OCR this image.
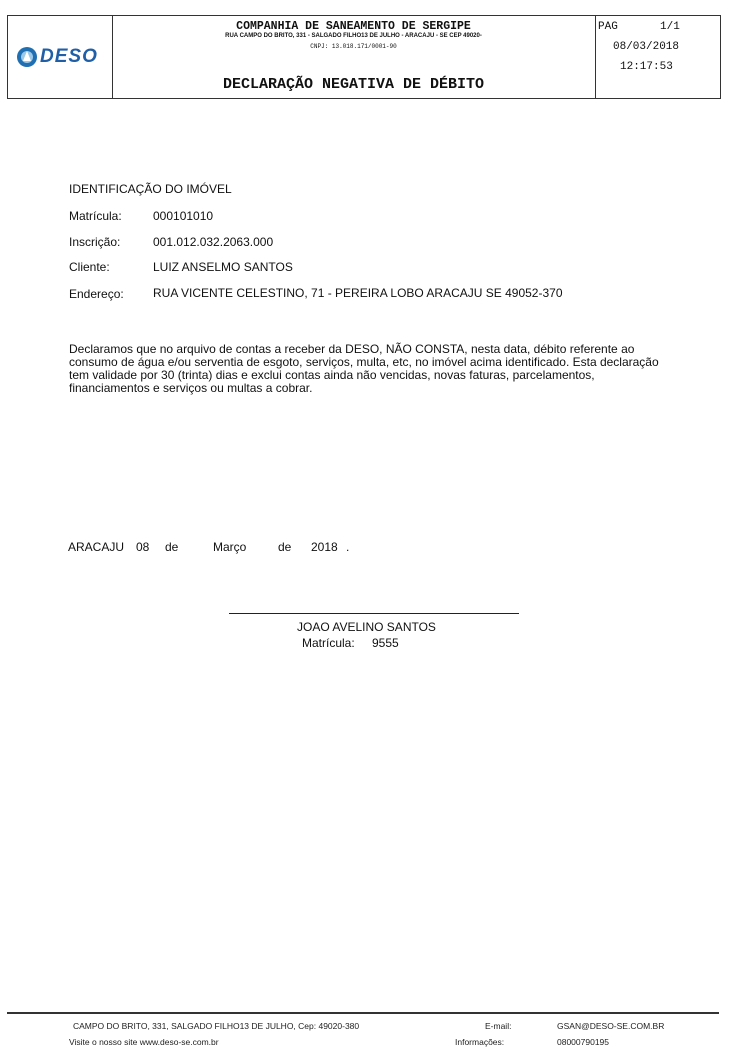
DESO
COMPANHIA DE SANEAMENTO DE SERGIPE
RUA CAMPO DO BRITO, 331 - SALGADO FILHO13 DE JULHO - ARACAJU - SE CEP 49020-
CNPJ: 13.018.171/0001-90
DECLARAÇÃO NEGATIVA DE DÉBITO
PAG	1/1
08/03/2018
12:17:53
IDENTIFICAÇÃO DO IMÓVEL
Matrícula:	000101010
Inscrição:	001.012.032.2063.000
Cliente:	LUIZ ANSELMO SANTOS
Endereço: RUA VICENTE CELESTINO, 71 - PEREIRA LOBO ARACAJU SE 49052-370
Declaramos que no arquivo de contas a receber da DESO, NÃO CONSTA, nesta data, débito referente ao consumo de água e/ou serventia de esgoto, serviços, multa, etc, no imóvel acima identificado. Esta declaração tem validade por 30 (trinta) dias e exclui contas ainda não vencidas, novas faturas, parcelamentos, financiamentos e serviços ou multas a cobrar.
ARACAJU 08 de	Março	de 2018 .
JOAO AVELINO SANTOS
Matrícula: 9555
CAMPO DO BRITO, 331, SALGADO FILHO13 DE JULHO, Cep: 49020-380
Visite o nosso site www.deso-se.com.br
E-mail:	GSAN@DESO-SE.COM.BR
Informações:	08000790195
